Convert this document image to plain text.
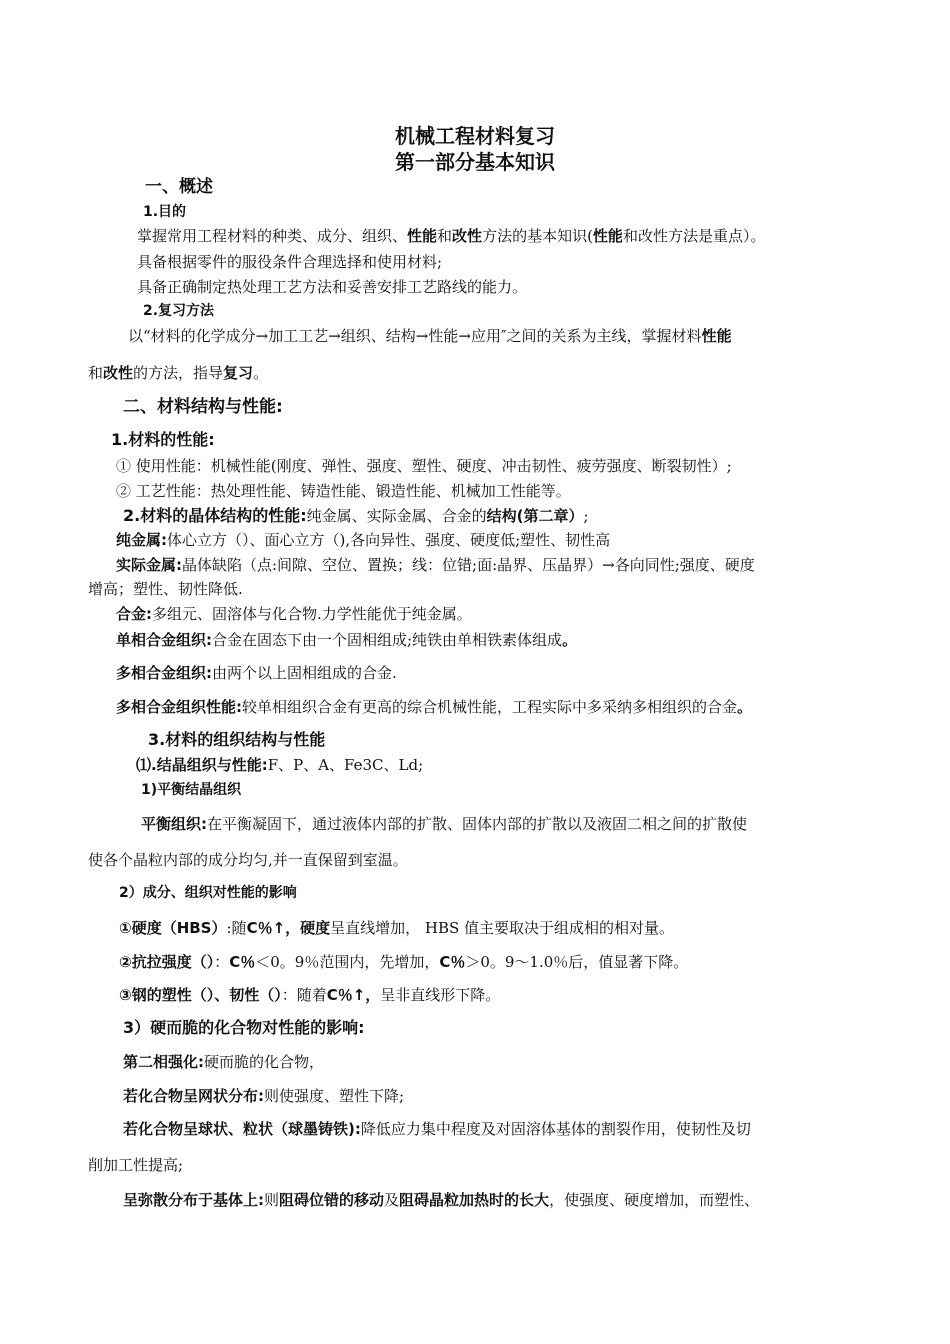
机械工程材料复习
第一部分基本知识
一、概述
1.目的
掌握常用工程材料的种类、成分、组织、性能和改性方法的基本知识(性能和改性方法是重点）。
具备根据零件的服役条件合理选择和使用材料;
具备正确制定热处理工艺方法和妥善安排工艺路线的能力。
2.复习方法
以“材料的化学成分→加工工艺→组织、结构→性能→应用″之间的关系为主线，掌握材料性能
和改性的方法，指导复习。
二、材料结构与性能:
1.材料的性能:
① 使用性能：机械性能(刚度、弹性、强度、塑性、硬度、冲击韧性、疲劳强度、断裂韧性）;
② 工艺性能：热处理性能、铸造性能、锻造性能、机械加工性能等。
2.材料的晶体结构的性能:纯金属、实际金属、合金的结构(第二章）;
纯金属:体心立方（）、面心立方（),各向异性、强度、硬度低;塑性、韧性高
实际金属:晶体缺陷（点:间隙、空位、置换；线：位错;面:晶界、压晶界）→各向同性;强度、硬度
增高；塑性、韧性降低.
合金:多组元、固溶体与化合物.力学性能优于纯金属。
单相合金组织:合金在固态下由一个固相组成;纯铁由单相铁素体组成。
多相合金组织:由两个以上固相组成的合金.
多相合金组织性能:较单相组织合金有更高的综合机械性能，工程实际中多采纳多相组织的合金。
3.材料的组织结构与性能
⑴.结晶组织与性能:F、P、A、Fe3C、Ld;
1)平衡结晶组织
平衡组织:在平衡凝固下，通过液体内部的扩散、固体内部的扩散以及液固二相之间的扩散使
使各个晶粒内部的成分均匀,并一直保留到室温。
2）成分、组织对性能的影响
①硬度（HBS）:随C％↑，硬度呈直线增加， HBS 值主要取决于组成相的相对量。
②抗拉强度（）：C％＜0。9％范围内，先增加，C％＞0。9～1.0％后，值显著下降。
③钢的塑性（）、韧性（）：随着C％↑，呈非直线形下降。
3）硬而脆的化合物对性能的影响:
第二相强化:硬而脆的化合物，
若化合物呈网状分布:则使强度、塑性下降;
若化合物呈球状、粒状（球墨铸铁):降低应力集中程度及对固溶体基体的割裂作用，使韧性及切
削加工性提高;
呈弥散分布于基体上:则阻碍位错的移动及阻碍晶粒加热时的长大，使强度、硬度增加，而塑性、
